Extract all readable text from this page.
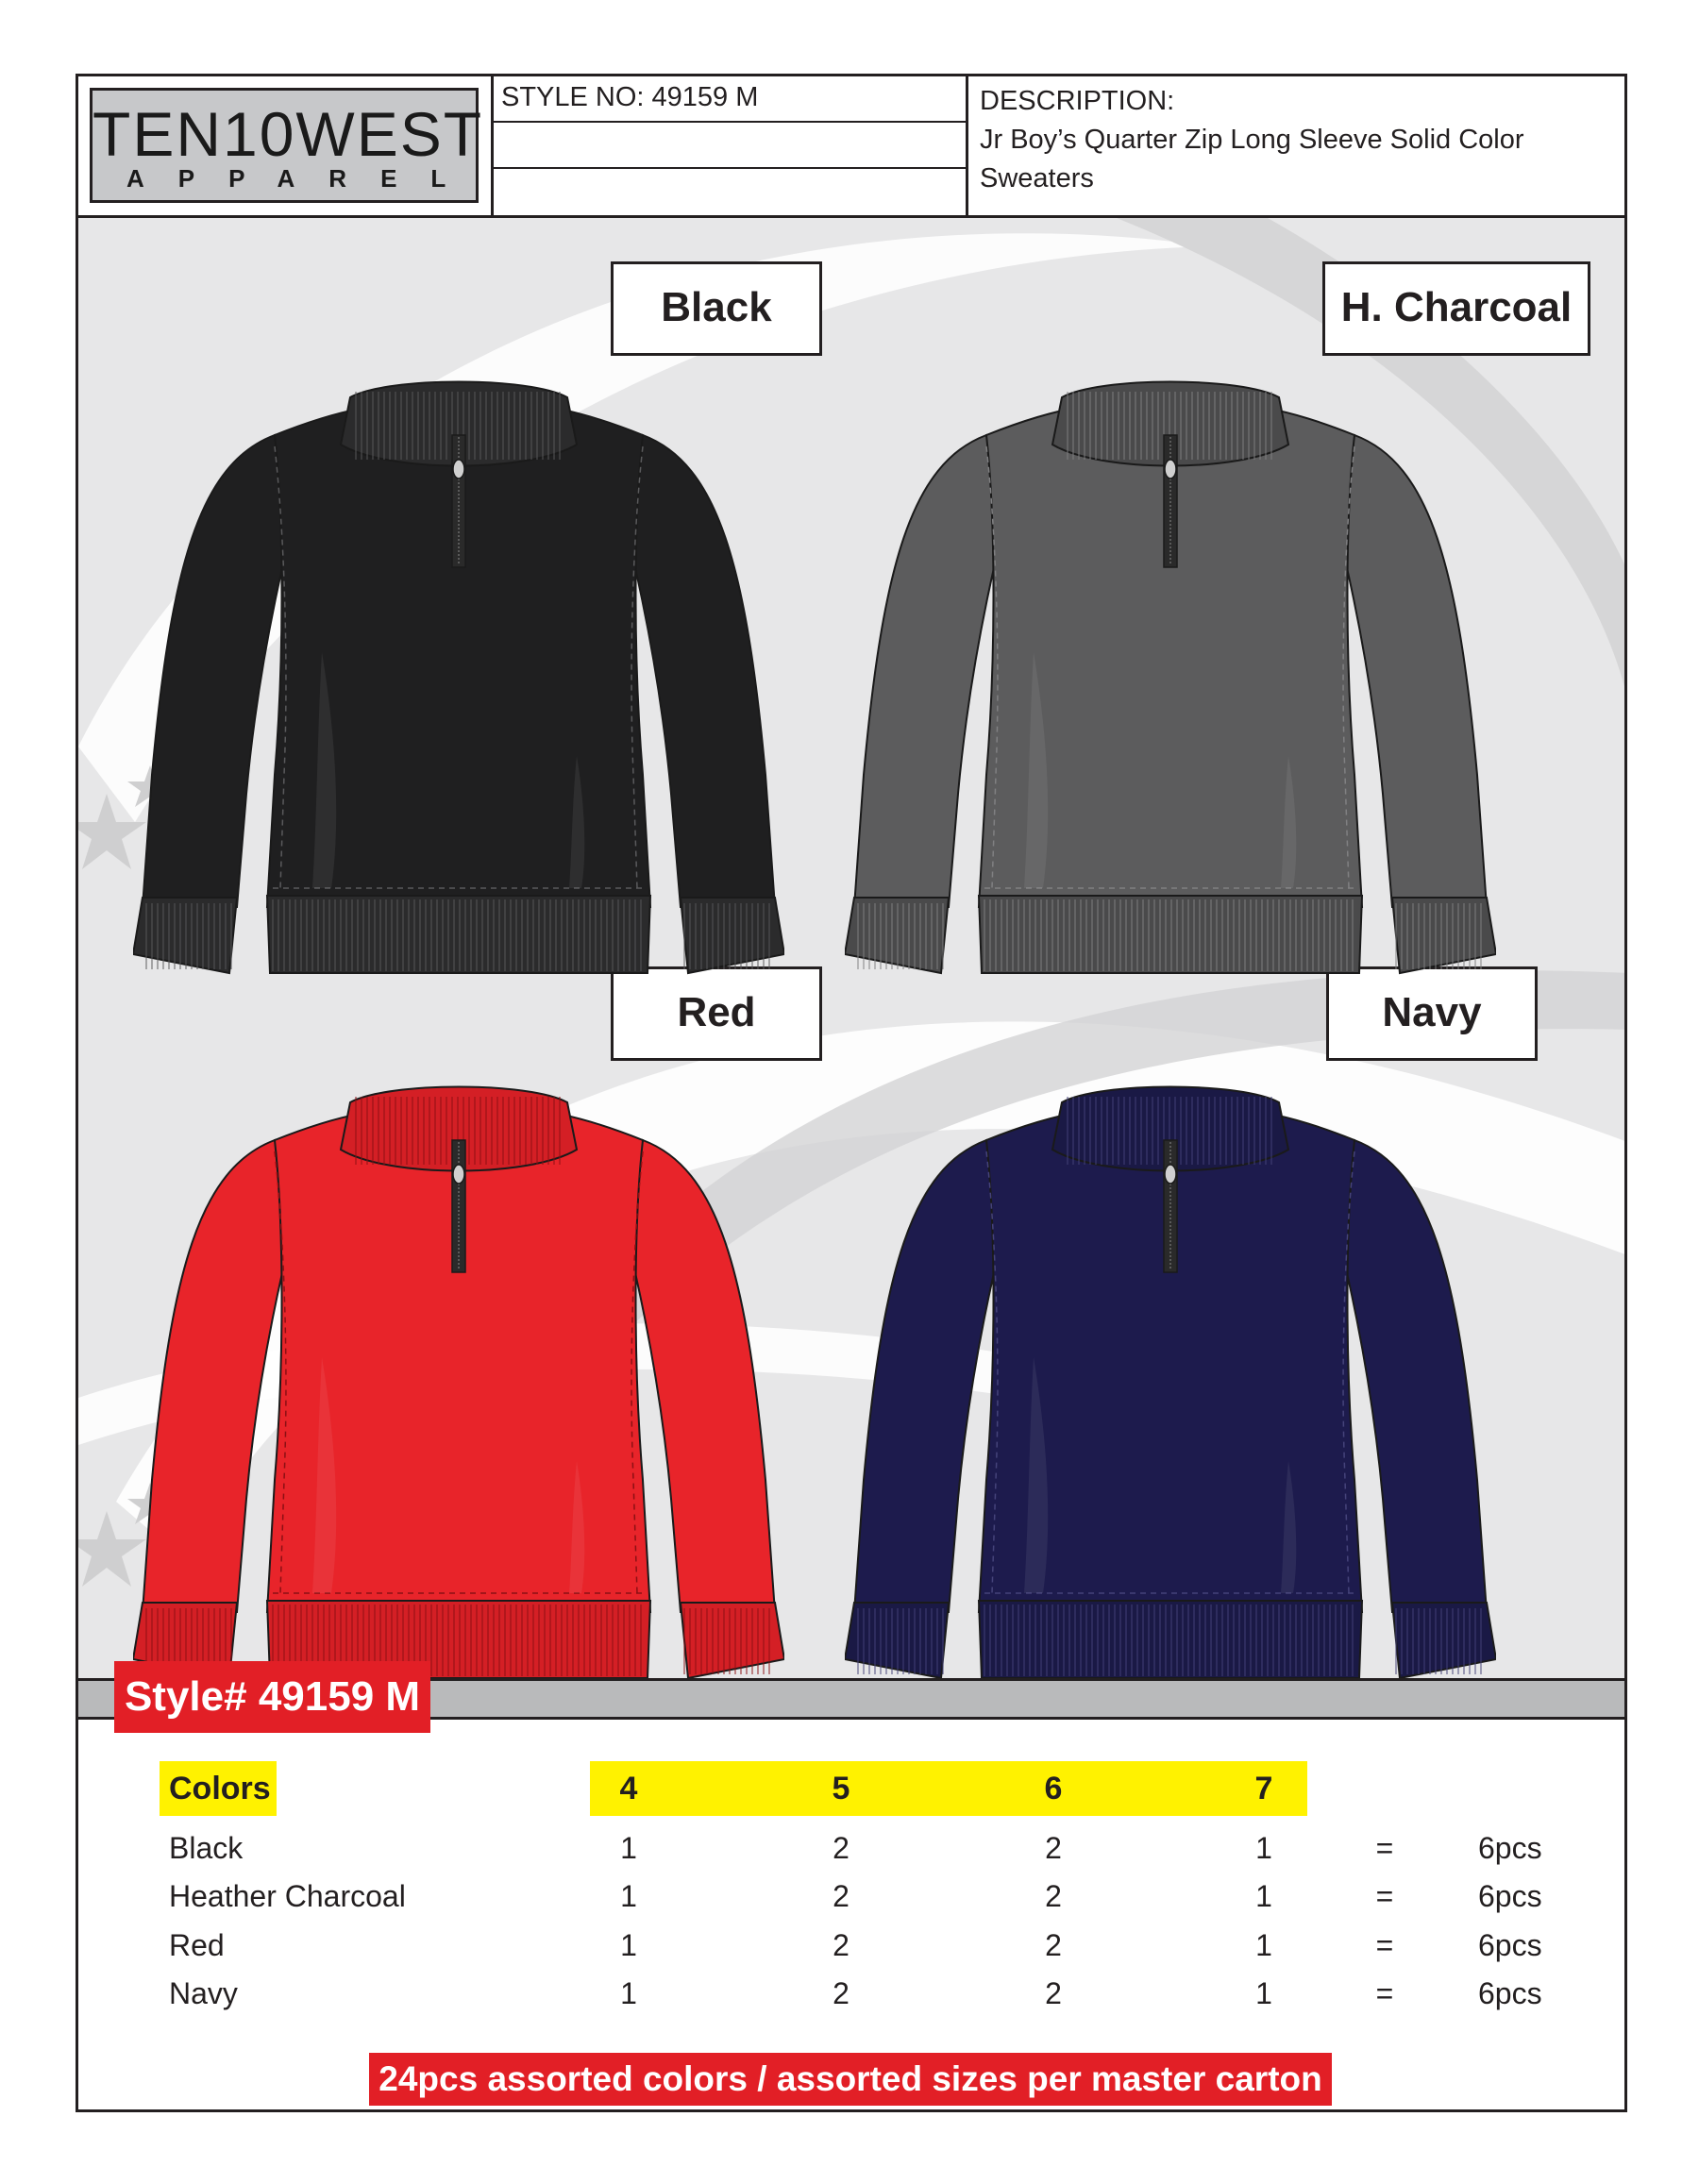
TEN10WEST
APPAREL
STYLE NO: 49159 M	DESCRIPTION:
Jr Boy’s Quarter Zip Long Sleeve Solid Color Sweaters
Black	H. Charcoal
Red	Navy
Style# 49159 M
Colors	4	5	6	7
Black	1	2	2	1	=	6pcs
Heather Charcoal	1	2	2	1	=	6pcs
Red	1	2	2	1	=	6pcs
Navy	1	2	2	1	=	6pcs
24pcs assorted colors / assorted sizes per master carton
